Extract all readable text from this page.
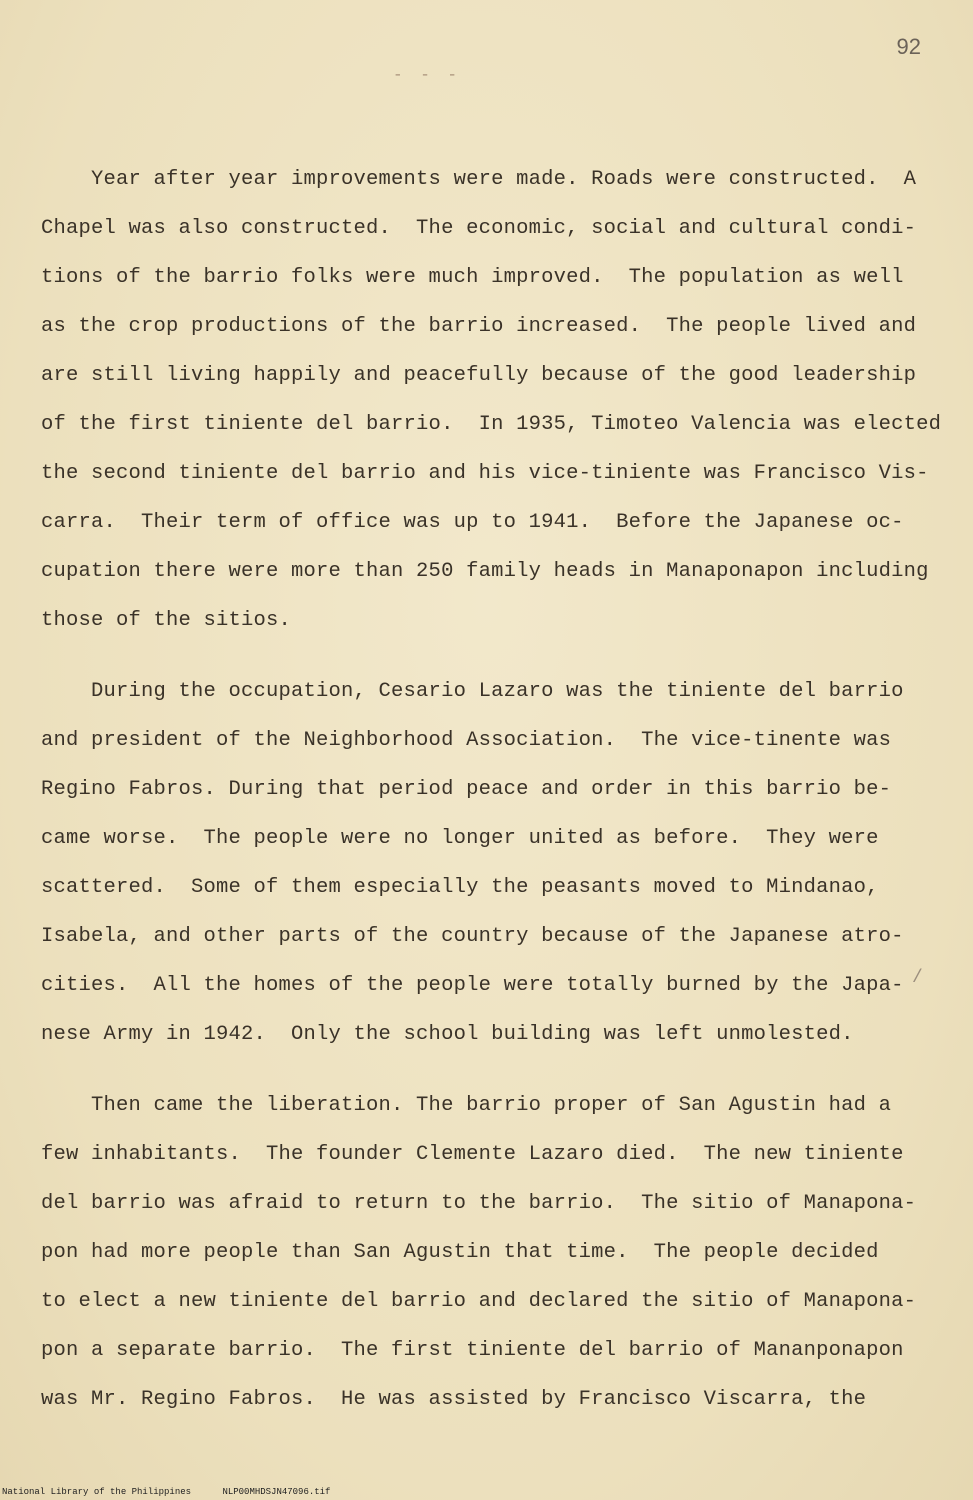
92
- - -
Year after year improvements were made. Roads were constructed.  A
Chapel was also constructed.  The economic, social and cultural condi-
tions of the barrio folks were much improved.  The population as well
as the crop productions of the barrio increased.  The people lived and
are still living happily and peacefully because of the good leadership
of the first tiniente del barrio.  In 1935, Timoteo Valencia was elected
the second tiniente del barrio and his vice-tiniente was Francisco Vis-
carra.  Their term of office was up to 1941.  Before the Japanese oc-
cupation there were more than 250 family heads in Manaponapon including
those of the sitios.
During the occupation, Cesario Lazaro was the tiniente del barrio
and president of the Neighborhood Association.  The vice-tinente was
Regino Fabros. During that period peace and order in this barrio be-
came worse.  The people were no longer united as before.  They were
scattered.  Some of them especially the peasants moved to Mindanao,
Isabela, and other parts of the country because of the Japanese atro-
cities.  All the homes of the people were totally burned by the Japa-
nese Army in 1942.  Only the school building was left unmolested.
Then came the liberation. The barrio proper of San Agustin had a
few inhabitants.  The founder Clemente Lazaro died.  The new tiniente
del barrio was afraid to return to the barrio.  The sitio of Manapona-
pon had more people than San Agustin that time.  The people decided
to elect a new tiniente del barrio and declared the sitio of Manapona-
pon a separate barrio.  The first tiniente del barrio of Mananponapon
was Mr. Regino Fabros.  He was assisted by Francisco Viscarra, the
/
National Library of the Philippines	NLP00MHDSJN47096.tif
